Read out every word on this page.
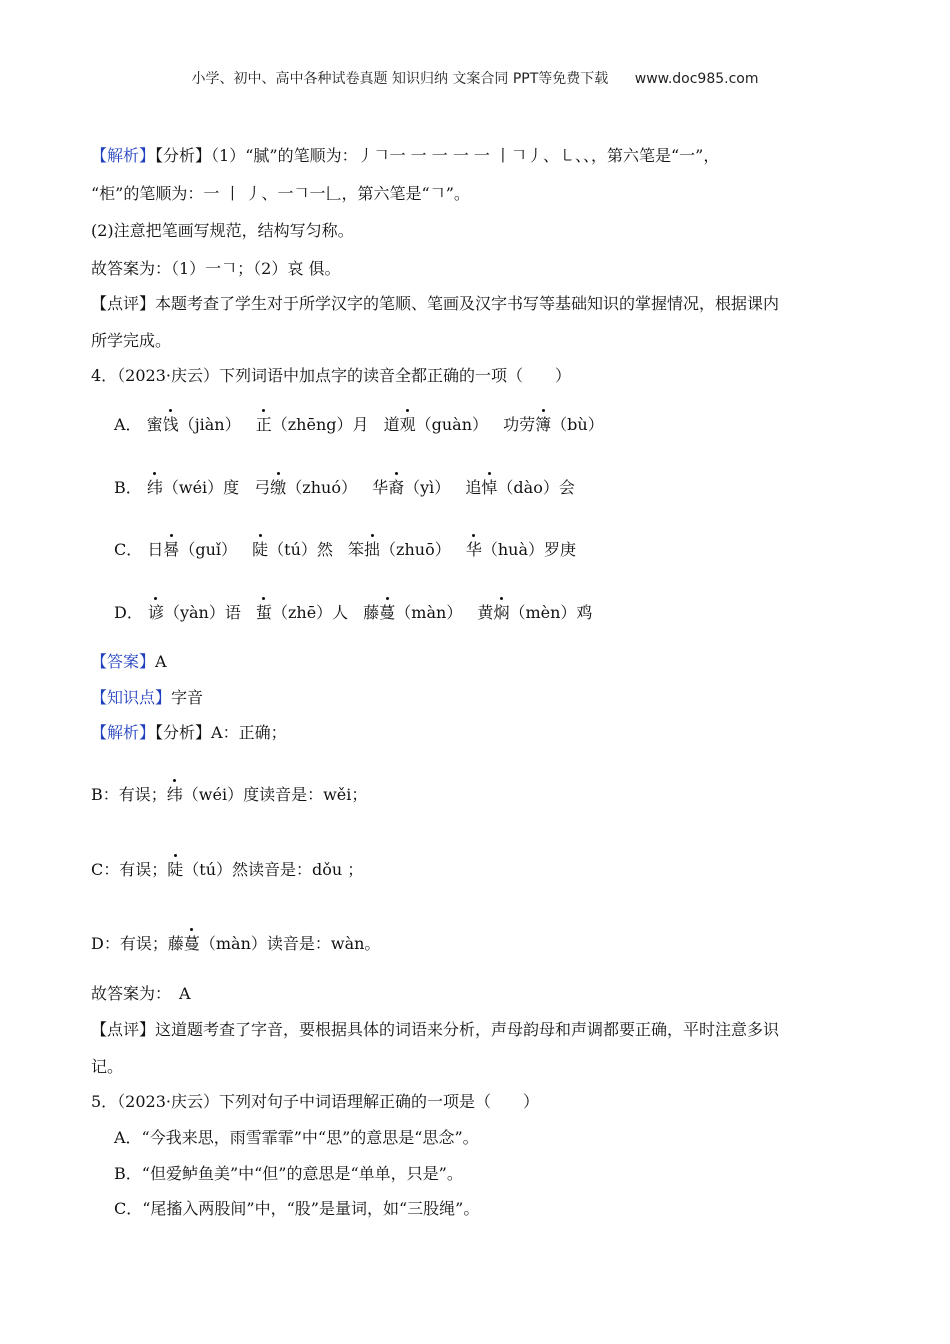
小学、初中、高中各种试卷真题 知识归纳 文案合同 PPT等免费下载 www.doc985.com
【解析】【分析】（1）“腻”的笔顺为：丿𠃍一 一 一 一 一 丨𠃍丿、㇄、、，第六笔是“一”，
“柜”的笔顺为：一 丨 丿、一𠃍一𠃊，第六笔是“𠃍”。
(2)注意把笔画写规范，结构写匀称。
故答案为：（1）一𠃍；（2）哀 俱。
【点评】本题考查了学生对于所学汉字的笔顺、笔画及汉字书写等基础知识的掌握情况，根据课内
所学完成。
4．（2023·庆云）下列词语中加点字的读音全都正确的一项（　　）
A． 蜜饯（jiàn） 正（zhēng）月 道观（guàn） 功劳簿（bù）
B． 纬（wéi）度 弓缴（zhuó） 华裔（yì） 追悼（dào）会
C． 日晷（guǐ） 陡（tú）然 笨拙（zhuō） 华（huà）罗庚
D． 谚（yàn）语 蜇（zhē）人 藤蔓（màn） 黄焖（mèn）鸡
【答案】A
【知识点】字音
【解析】【分析】A：正确；
B：有误；纬（wéi）度读音是：wěi；
C：有误；陡（tú）然读音是：dǒu ；
D：有误；藤蔓（màn）读音是：wàn。
故答案为：　A
【点评】这道题考查了字音，要根据具体的词语来分析，声母韵母和声调都要正确，平时注意多识
记。
5．（2023·庆云）下列对句子中词语理解正确的一项是（　　）
A．“今我来思，雨雪霏霏”中“思”的意思是“思念”。
B．“但爱鲈鱼美”中“但”的意思是“单单，只是”。
C．“尾搐入两股间”中，“股”是量词，如“三股绳”。
